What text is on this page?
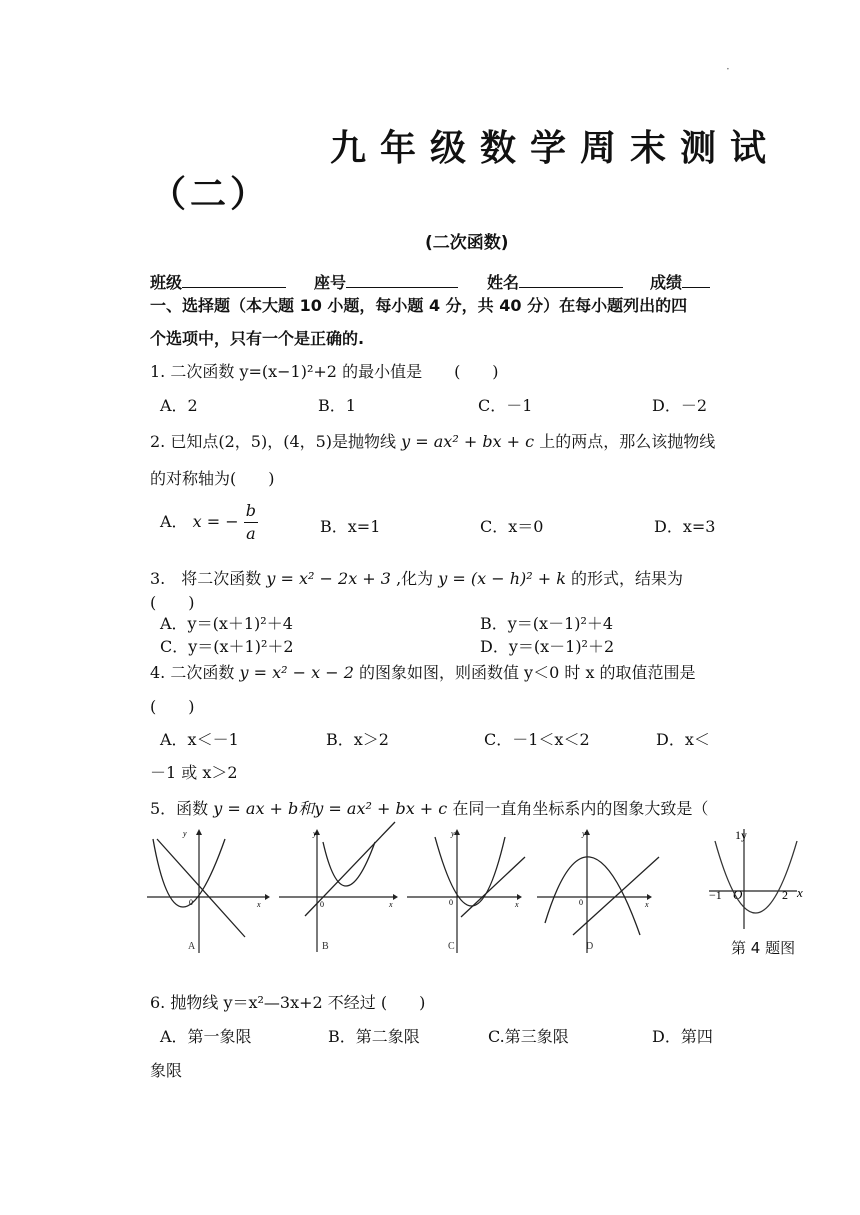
·
九年级数学周末测试
（二）
(二次函数)
班级	座号	姓名	成绩
一、选择题（本大题 10 小题，每小题 4 分，共 40 分）在每小题列出的四
个选项中，只有一个是正确的.
1. 二次函数 y=(x−1)²+2 的最小值是　　(　　)
A．2	B．1	C．－1	D．－2
2. 已知点(2，5)，(4，5)是抛物线 y = ax² + bx + c 上的两点，那么该抛物线
的对称轴为(　　)
A． x = − $\frac{b}{a}$	B．x=1	C．x＝0	D．x=3
3.　将二次函数 y = x² − 2x + 3 ,化为 y = (x − h)² + k 的形式，结果为
(　　)
A．y＝(x＋1)²＋4	B．y＝(x－1)²＋4
C．y＝(x＋1)²＋2	D．y＝(x－1)²＋2
4. 二次函数 y = x² − x − 2 的图象如图，则函数值 y＜0 时 x 的取值范围是
(　　)
A．x＜－1	B．x＞2	C．－1＜x＜2	D．x＜
－1 或 x＞2
5．函数 y = ax + b和y = ax² + bx + c 在同一直角坐标系内的图象大致是（
y
x
0
A
y
x
0
B
y
x
0
C
y
x
0
D
x
1y
−1 O	2
第 4 题图
6. 抛物线 y＝x²—3x+2 不经过 (　　)
A．第一象限	B．第二象限	C.第三象限	D．第四
象限
